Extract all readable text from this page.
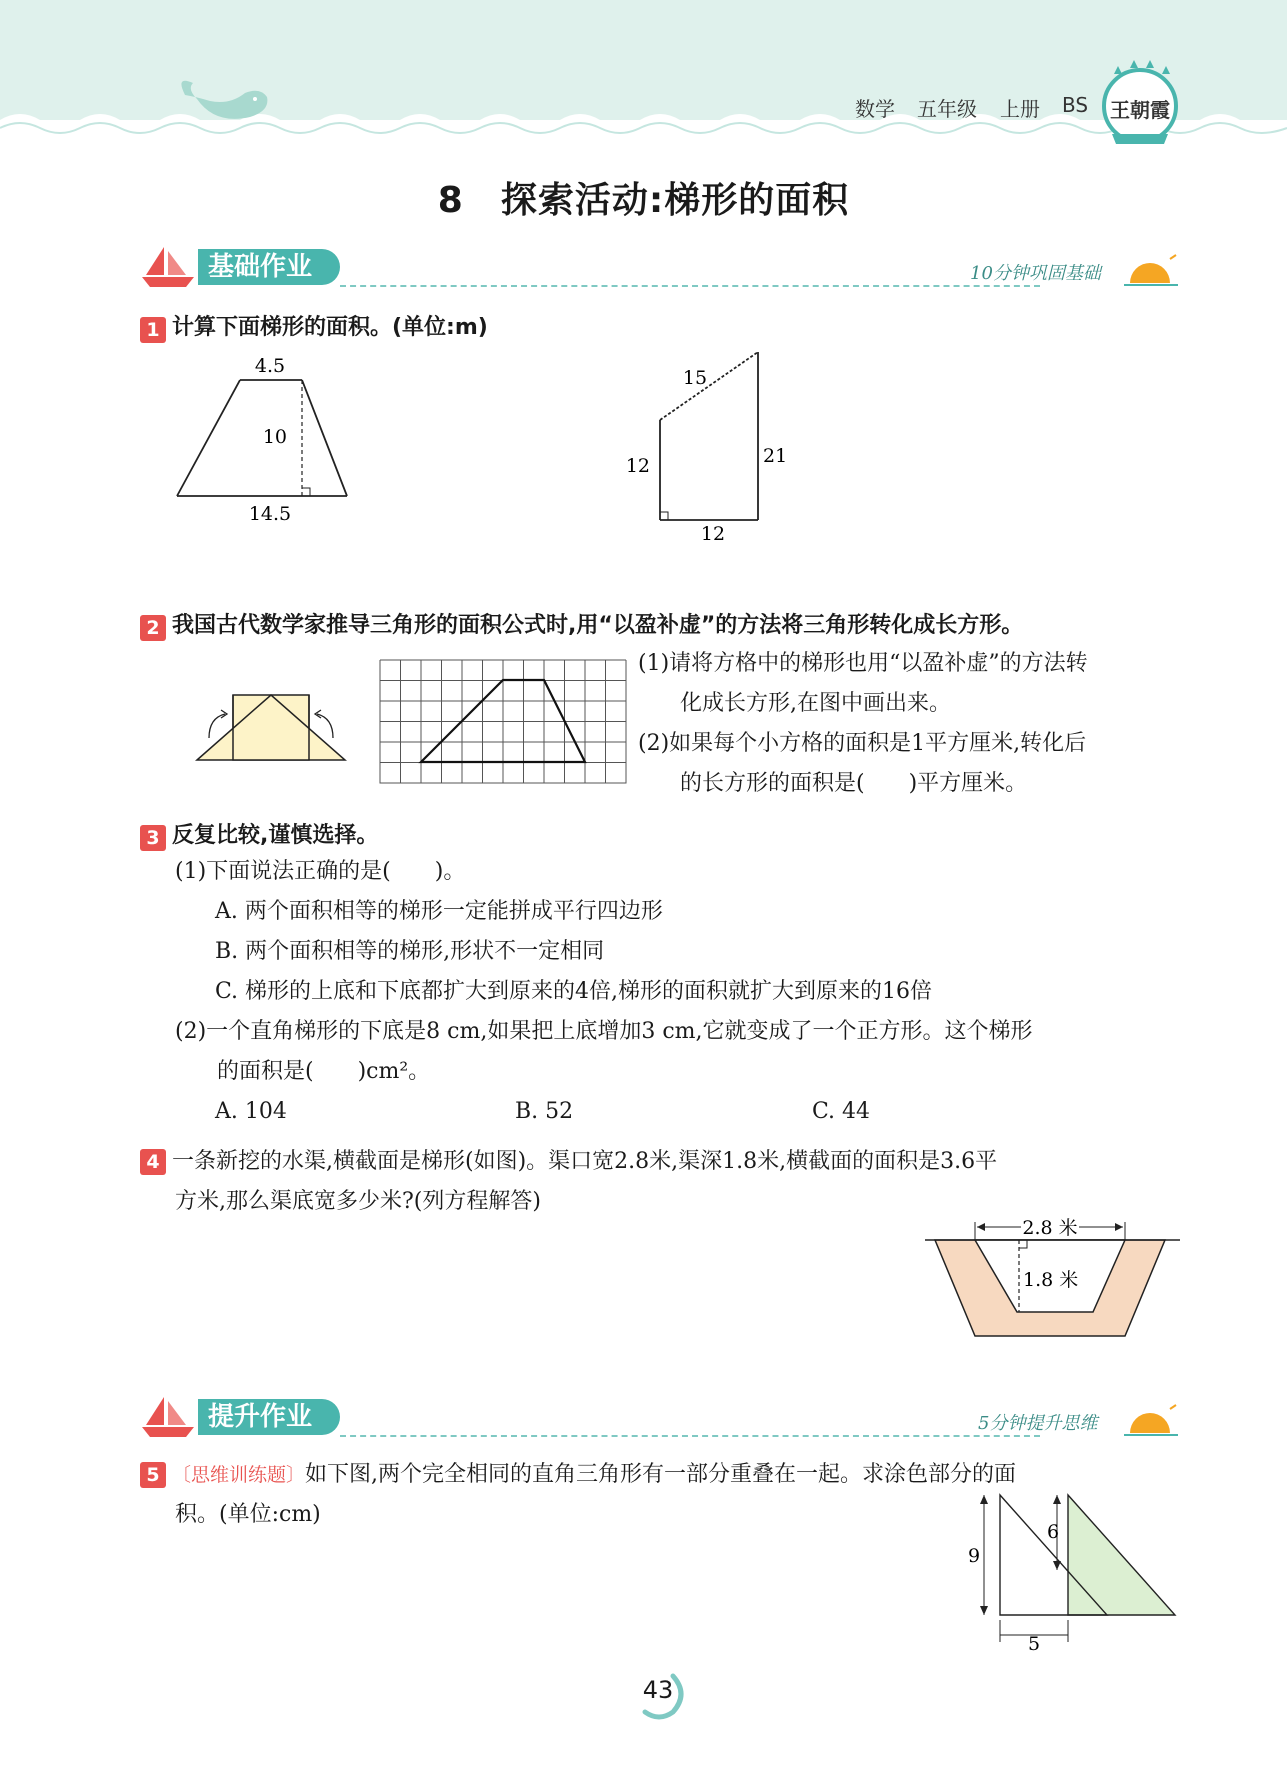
数学 五年级 上册 BS 王朝霞
8　探索活动:梯形的面积
基础作业	10分钟巩固基础
1 计算下面梯形的面积。(单位:m)
4.5
10
14.5
15
12	21
12
2 我国古代数学家推导三角形的面积公式时,用“以盈补虚”的方法将三角形转化成长方形。
(1)请将方格中的梯形也用“以盈补虚”的方法转
化成长方形,在图中画出来。
(2)如果每个小方格的面积是1平方厘米,转化后
的长方形的面积是(　　)平方厘米。
3 反复比较,谨慎选择。
(1)下面说法正确的是(　　)。
A. 两个面积相等的梯形一定能拼成平行四边形
B. 两个面积相等的梯形,形状不一定相同
C. 梯形的上底和下底都扩大到原来的4倍,梯形的面积就扩大到原来的16倍
(2)一个直角梯形的下底是8 cm,如果把上底增加3 cm,它就变成了一个正方形。这个梯形
的面积是(　　)cm²。
A. 104	B. 52	C. 44
4 一条新挖的水渠,横截面是梯形(如图)。渠口宽2.8米,渠深1.8米,横截面的面积是3.6平
方米,那么渠底宽多少米?(列方程解答)
2.8 米
1.8 米
提升作业	5分钟提升思维
5 〔思维训练题〕如下图,两个完全相同的直角三角形有一部分重叠在一起。求涂色部分的面
积。(单位:cm)
9
6
5
43
